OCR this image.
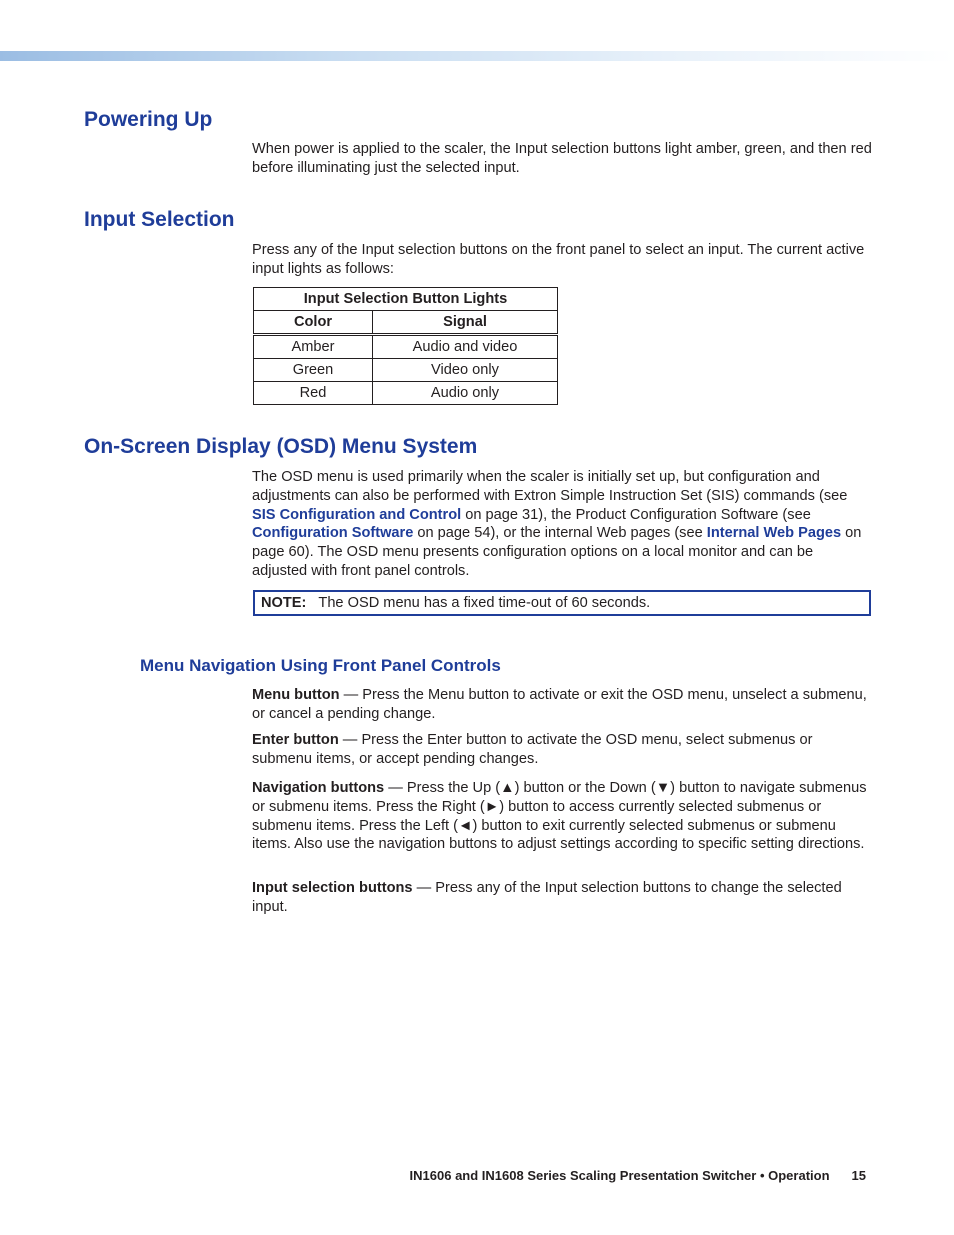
Powering Up

When power is applied to the scaler, the Input selection buttons light amber, green, and then red before illuminating just the selected input.

Input Selection

Press any of the Input selection buttons on the front panel to select an input. The current active input lights as follows:

Input Selection Button Lights	
Color	Signal
Amber	Audio and video
Green	Video only
Red	Audio only
On-Screen Display (OSD) Menu System

The OSD menu is used primarily when the scaler is initially set up, but configuration and adjustments can also be performed with Extron Simple Instruction Set (SIS) commands (see SIS Configuration and Control on page 31), the Product Configuration Software (see Configuration Software on page 54), or the internal Web pages (see Internal Web Pages on page 60). The OSD menu presents configuration options on a local monitor and can be adjusted with front panel controls.

NOTE: The OSD menu has a fixed time-out of 60 seconds.
Menu Navigation Using Front Panel Controls

Menu button — Press the Menu button to activate or exit the OSD menu, unselect a submenu, or cancel a pending change.

Enter button — Press the Enter button to activate the OSD menu, select submenus or submenu items, or accept pending changes.

Navigation buttons — Press the Up (▲) button or the Down (▼) button to navigate submenus or submenu items. Press the Right (►) button to access currently selected submenus or submenu items. Press the Left (◄) button to exit currently selected submenus or submenu items. Also use the navigation buttons to adjust settings according to specific setting directions.

Input selection buttons — Press any of the Input selection buttons to change the selected input.

IN1606 and IN1608 Series Scaling Presentation Switcher • Operation 15
